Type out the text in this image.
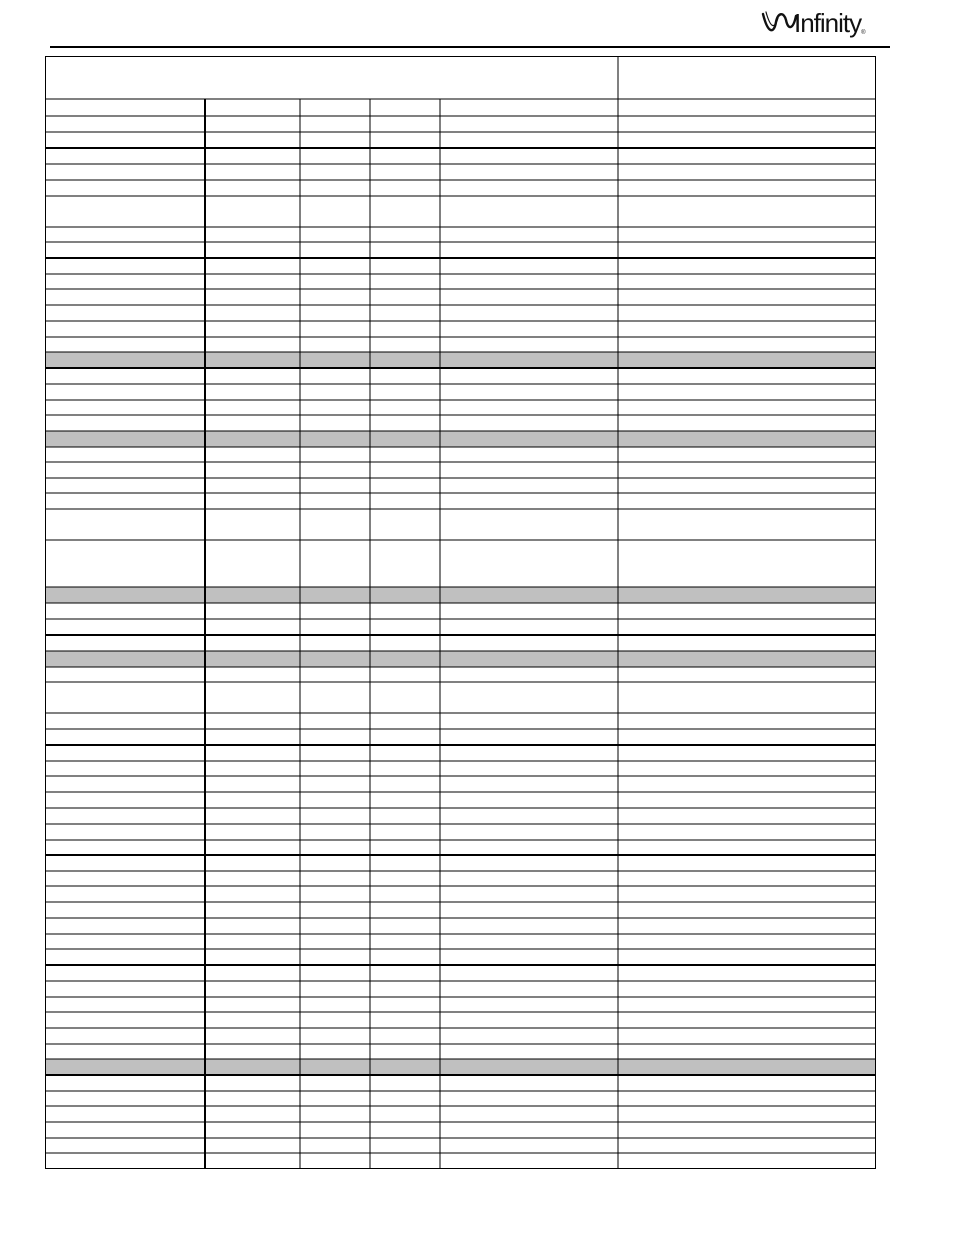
Infinity ®
